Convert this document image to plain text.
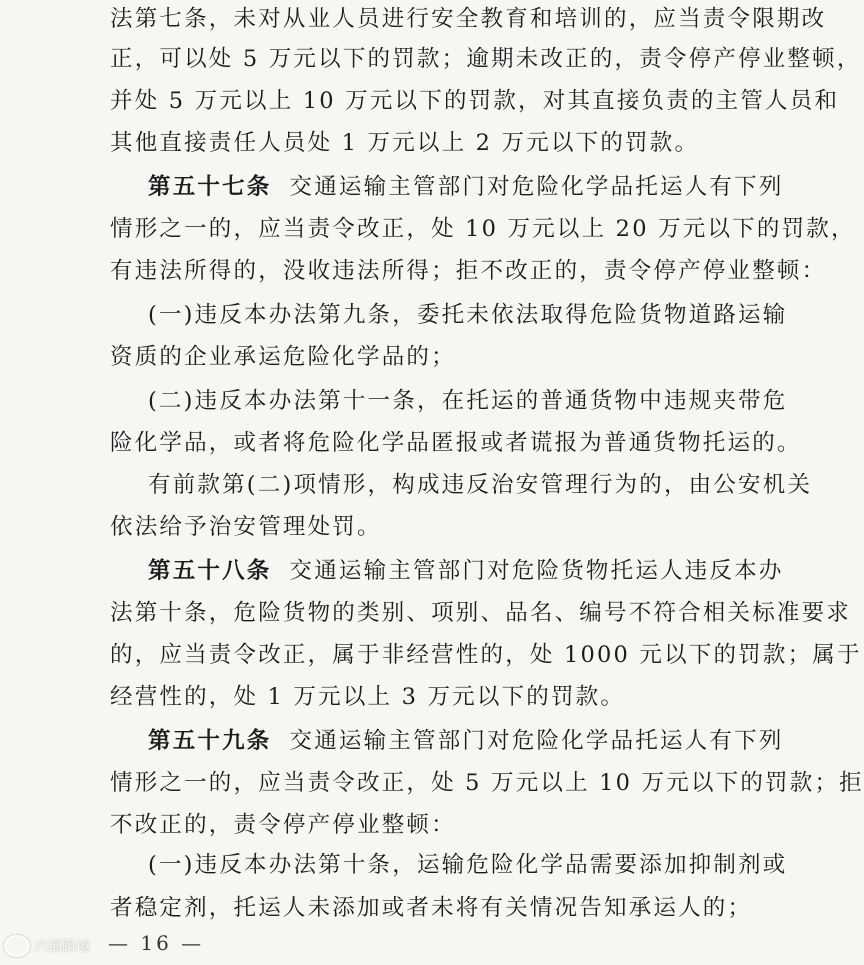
法第七条，未对从业人员进行安全教育和培训的，应当责令限期改
正，可以处 5 万元以下的罚款；逾期未改正的，责令停产停业整顿，
并处 5 万元以上 10 万元以下的罚款，对其直接负责的主管人员和
其他直接责任人员处 1 万元以上 2 万元以下的罚款。
第五十七条 交通运输主管部门对危险化学品托运人有下列
情形之一的，应当责令改正，处 10 万元以上 20 万元以下的罚款，
有违法所得的，没收违法所得；拒不改正的，责令停产停业整顿：
(一)违反本办法第九条，委托未依法取得危险货物道路运输
资质的企业承运危险化学品的；
(二)违反本办法第十一条，在托运的普通货物中违规夹带危
险化学品，或者将危险化学品匿报或者谎报为普通货物托运的。
有前款第(二)项情形，构成违反治安管理行为的，由公安机关
依法给予治安管理处罚。
第五十八条 交通运输主管部门对危险货物托运人违反本办
法第十条，危险货物的类别、项别、品名、编号不符合相关标准要求
的，应当责令改正，属于非经营性的，处 1000 元以下的罚款；属于
经营性的，处 1 万元以上 3 万元以下的罚款。
第五十九条 交通运输主管部门对危险化学品托运人有下列
情形之一的，应当责令改正，处 5 万元以上 10 万元以下的罚款；拒
不改正的，责令停产停业整顿：
(一)违反本办法第十条，运输危险化学品需要添加抑制剂或
者稳定剂，托运人未添加或者未将有关情况告知承运人的；
— 16 —
六部路境
